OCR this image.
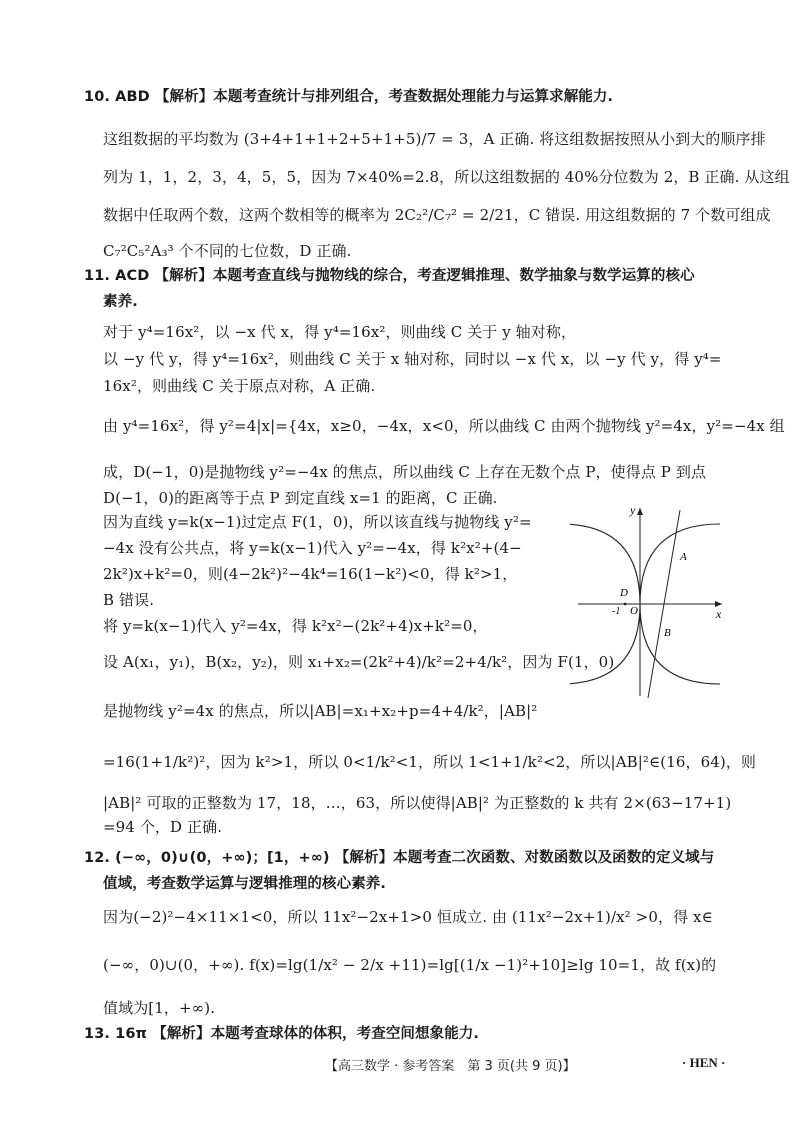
10. ABD 【解析】本题考查统计与排列组合，考查数据处理能力与运算求解能力.
这组数据的平均数为 (3+4+1+1+2+5+1+5)/7 = 3，A 正确. 将这组数据按照从小到大的顺序排
列为 1，1，2，3，4，5，5，因为 7×40%=2.8，所以这组数据的 40%分位数为 2，B 正确. 从这组
数据中任取两个数，这两个数相等的概率为 2C₂²/C₇² = 2/21，C 错误. 用这组数据的 7 个数可组成
C₇²C₅²A₃³ 个不同的七位数，D 正确.
11. ACD 【解析】本题考查直线与抛物线的综合，考查逻辑推理、数学抽象与数学运算的核心
素养.
对于 y⁴=16x²，以 −x 代 x，得 y⁴=16x²，则曲线 C 关于 y 轴对称，
以 −y 代 y，得 y⁴=16x²，则曲线 C 关于 x 轴对称，同时以 −x 代 x，以 −y 代 y，得 y⁴=
16x²，则曲线 C 关于原点对称，A 正确.
由 y⁴=16x²，得 y²=4|x|={4x，x≥0，−4x，x<0，所以曲线 C 由两个抛物线 y²=4x，y²=−4x 组
成，D(−1，0)是抛物线 y²=−4x 的焦点，所以曲线 C 上存在无数个点 P，使得点 P 到点
D(−1，0)的距离等于点 P 到定直线 x=1 的距离，C 正确.
因为直线 y=k(x−1)过定点 F(1，0)，所以该直线与抛物线 y²=
−4x 没有公共点，将 y=k(x−1)代入 y²=−4x，得 k²x²+(4−
2k²)x+k²=0，则(4−2k²)²−4k⁴=16(1−k²)<0，得 k²>1，
B 错误.
将 y=k(x−1)代入 y²=4x，得 k²x²−(2k²+4)x+k²=0，
设 A(x₁，y₁)，B(x₂，y₂)，则 x₁+x₂=(2k²+4)/k²=2+4/k²，因为 F(1，0)
是抛物线 y²=4x 的焦点，所以|AB|=x₁+x₂+p=4+4/k²，|AB|²
=16(1+1/k²)²，因为 k²>1，所以 0<1/k²<1，所以 1<1+1/k²<2，所以|AB|²∈(16，64)，则
|AB|² 可取的正整数为 17，18，…，63，所以使得|AB|² 为正整数的 k 共有 2×(63−17+1)
=94 个，D 正确.
x
y
O
D
-1
A
B
12. (−∞，0)∪(0，+∞)；[1，+∞) 【解析】本题考查二次函数、对数函数以及函数的定义域与
值域，考查数学运算与逻辑推理的核心素养.
因为(−2)²−4×11×1<0，所以 11x²−2x+1>0 恒成立. 由 (11x²−2x+1)/x² >0，得 x∈
(−∞，0)∪(0，+∞). f(x)=lg(1/x² − 2/x +11)=lg[(1/x −1)²+10]≥lg 10=1，故 f(x)的
值域为[1，+∞).
13. 16π 【解析】本题考查球体的体积，考查空间想象能力.
【高三数学 · 参考答案　第 3 页(共 9 页)】	· HEN ·
